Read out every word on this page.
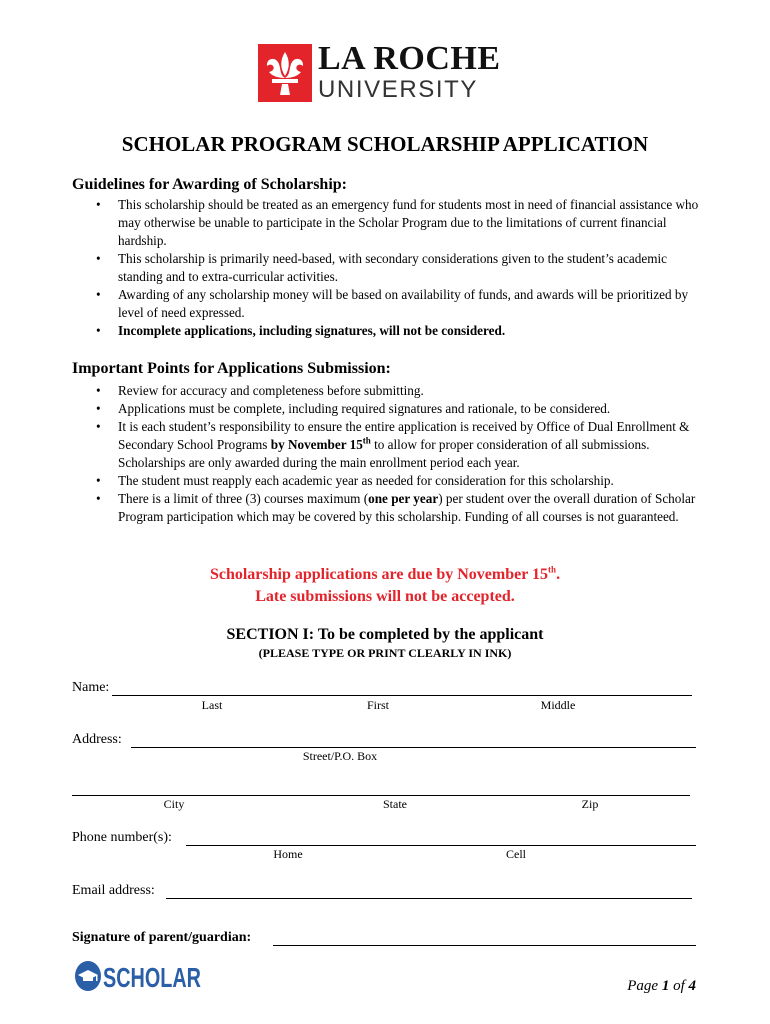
LA ROCHE
UNIVERSITY
SCHOLAR PROGRAM SCHOLARSHIP APPLICATION
Guidelines for Awarding of Scholarship:
• This scholarship should be treated as an emergency fund for students most in need of financial assistance who may otherwise be unable to participate in the Scholar Program due to the limitations of current financial hardship.
• This scholarship is primarily need-based, with secondary considerations given to the student’s academic standing and to extra-curricular activities.
• Awarding of any scholarship money will be based on availability of funds, and awards will be prioritized by level of need expressed.
• Incomplete applications, including signatures, will not be considered.
Important Points for Applications Submission:
• Review for accuracy and completeness before submitting.
• Applications must be complete, including required signatures and rationale, to be considered.
• It is each student’s responsibility to ensure the entire application is received by Office of Dual Enrollment & Secondary School Programs by November 15th to allow for proper consideration of all submissions. Scholarships are only awarded during the main enrollment period each year.
• The student must reapply each academic year as needed for consideration for this scholarship.
• There is a limit of three (3) courses maximum (one per year) per student over the overall duration of Scholar Program participation which may be covered by this scholarship. Funding of all courses is not guaranteed.
Scholarship applications are due by November 15th.
Late submissions will not be accepted.
SECTION I: To be completed by the applicant
(PLEASE TYPE OR PRINT CLEARLY IN INK)
Name:
Last	First	Middle
Address:
Street/P.O. Box
City	State	Zip
Phone number(s):
Home	Cell
Email address:
Signature of parent/guardian:
SCHOLAR	Page 1 of 4
